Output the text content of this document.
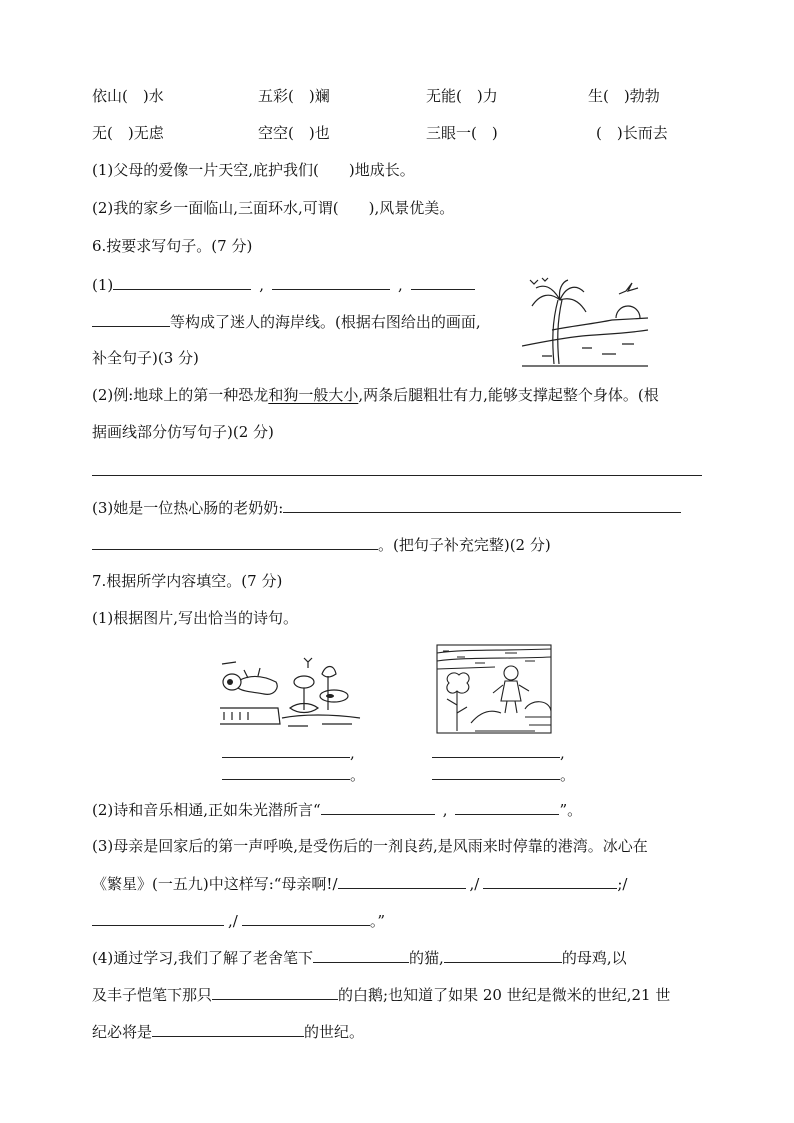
依山(　)水	五彩(　)斓	无能(　)力	生(　)勃勃
无(　)无虑	空空(　)也	三眼一(　)	(　)长而去
(1)父母的爱像一片天空,庇护我们(　　)地成长。
(2)我的家乡一面临山,三面环水,可谓(　　),风景优美。
6.按要求写句子。(7 分)
(1)	,	,
等构成了迷人的海岸线。(根据右图给出的画面,
补全句子)(3 分)
(2)例:地球上的第一种恐龙和狗一般大小,两条后腿粗壮有力,能够支撑起整个身体。(根
据画线部分仿写句子)(2 分)
(3)她是一位热心肠的老奶奶:
。(把句子补充完整)(2 分)
7.根据所学内容填空。(7 分)
(1)根据图片,写出恰当的诗句。
,
。
,
。
(2)诗和音乐相通,正如朱光潜所言“	,	”。
(3)母亲是回家后的第一声呼唤,是受伤后的一剂良药,是风雨来时停靠的港湾。冰心在
《繁星》(一五九)中这样写:“母亲啊!/	,/	;/
,/	。”
(4)通过学习,我们了解了老舍笔下	的猫,	的母鸡,以
及丰子恺笔下那只	的白鹅;也知道了如果 20 世纪是微米的世纪,21 世
纪必将是	的世纪。
